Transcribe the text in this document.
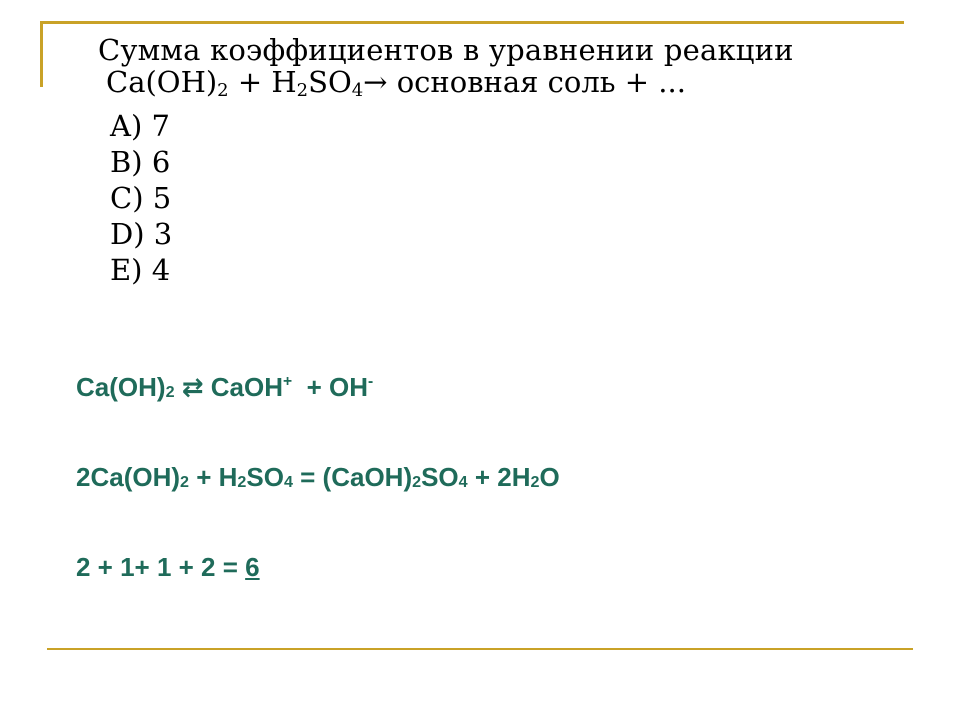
Сумма коэффициентов в уравнении реакции

$Ca(OH)_2 + H_2SO_4\to$ основная соль + ...

A) 7

B) 6

C) 5

D) 3

E) 4

$Ca(OH)_2$ ⇄ CaOH+  + OH-
$2Ca(OH)_2 + H_2SO_4$ = $(CaOH)_2SO_4 + 2H_2O$
2 + 1+ 1 + 2 = 6
